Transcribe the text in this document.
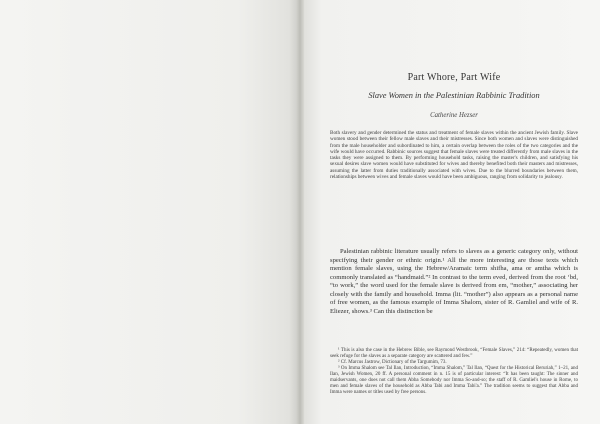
Part Whore, Part Wife
Slave Women in the Palestinian Rabbinic Tradition
Catherine Hezser

Both slavery and gender determined the status and treatment of female slaves within the ancient Jewish family. Slave women stood between their fellow male slaves and their mistresses. Since both women and slaves were distinguished from the male householder and subordinated to him, a certain overlap between the roles of the two categories and the wife would have occurred. Rabbinic sources suggest that female slaves were treated differently from male slaves in the tasks they were assigned to them. By performing household tasks, raising the master's children, and satisfying his sexual desires slave women would have substituted for wives and thereby benefited both their masters and mistresses, assuming the latter from duties traditionally associated with wives. Due to the blurred boundaries between them, relationships between wives and female slaves would have been ambiguous, ranging from solidarity to jealousy.

Palestinian rabbinic literature usually refers to slaves as a generic category only, without specifying their gender or ethnic origin.¹ All the more interesting are those texts which mention female slaves, using the Hebrew/Aramaic term shifha, ama or amtha which is commonly translated as “handmaid.”² In contrast to the term eved, derived from the root ‘bd, “to work,” the word used for the female slave is derived from em, “mother,” associating her closely with the family and household. Imma (lit. “mother”) also appears as a personal name of free women, as the famous example of Imma Shalom, sister of R. Gamliel and wife of R. Eliezer, shows.³ Can this distinction be

¹ This is also the case in the Hebrew Bible, see Raymond Westbrook, “Female Slaves,” 214: “Repeatedly, women that seek refuge for the slaves as a separate category are scattered and few.”

² Cf. Marcus Jastrow, Dictionary of the Targumim, 73.

³ On Imma Shalom see Tal Ilan, Introduction, “Imma Shalom,” Tal Ilan, “Quest for the Historical Beruriah,” 1–21, and Ilan, Jewish Women, 20 ff. A personal comment in n. 15 is of particular interest: “It has been taught: The sinner and maidservants, one does not call them Abba Somebody nor Imma So-and-so; the staff of R. Gamliel's house in Rome, to men and female slaves of the household as Abba Tabi and Imma Tabi'a.” The tradition seems to suggest that Abba and Imma were names or titles used by free persons.
